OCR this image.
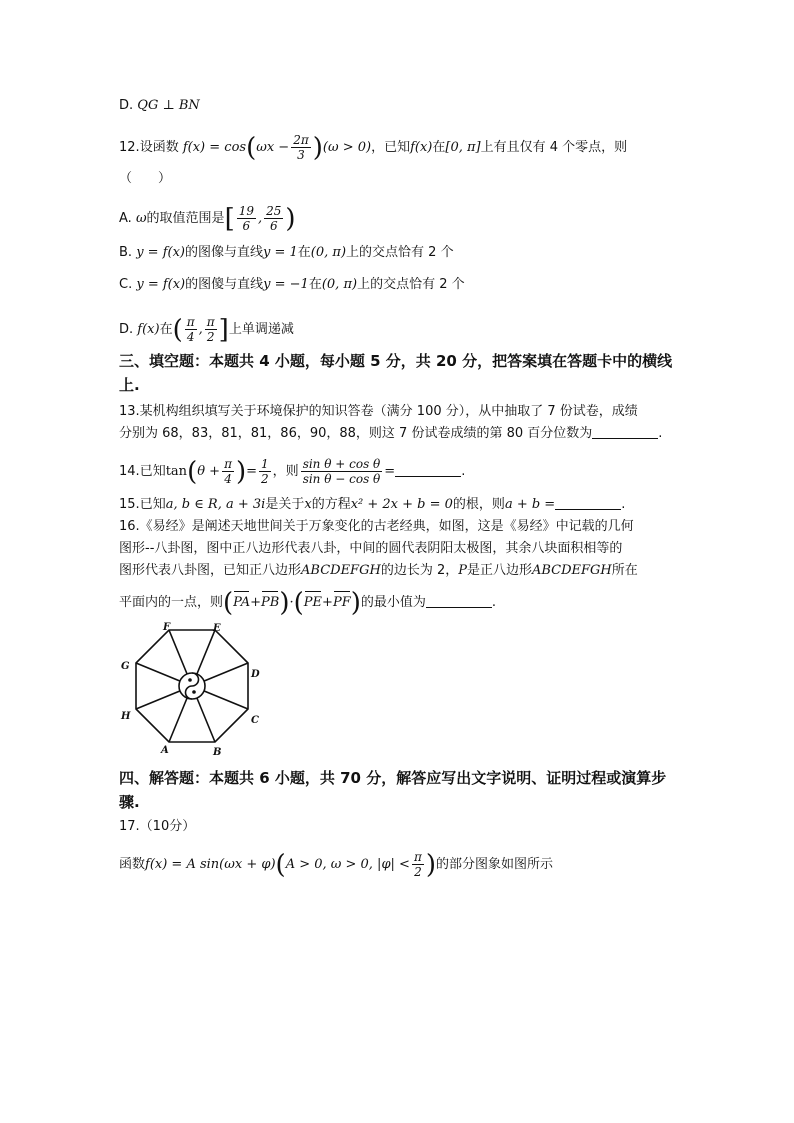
D. QG ⊥ BN
12.设函数 $f(x) = \cos(\omega x - \frac{2\pi}{3} )(\omega > 0)$，已知f(x)在[0, π]上有且仅有 4 个零点，则
（　　）
A. ω的取值范围是[ $\frac{19}{6}$ , $\frac{25}{6}$ )
B. y = f(x)的图像与直线y = 1在(0, π)上的交点恰有 2 个
C. y = f(x)的图傻与直线y = −1在(0, π)上的交点恰有 2 个
D. f(x)在( $\frac{\pi}{4}$ , $\frac{\pi}{2}$ ]上单调递减
三、填空题：本题共 4 小题，每小题 5 分，共 20 分，把答案填在答题卡中的横线上.
13.某机构组织填写关于环境保护的知识答卷（满分 100 分），从中抽取了 7 份试卷，成绩
分别为 68，83，81，81，86，90，88，则这 7 份试卷成绩的第 80 百分位数为	.
14.已知$\tan(\theta + \frac{\pi}{4}$ )= $\frac{1}{2}$ ，则 $\frac{\text{sin θ + cos θ}}{\text{sin θ − cos θ}}$ =	.
15.已知a, b ∈ R, a + 3i是关于x的方程x² + 2x + b = 0的根，则a + b =	.
16.《易经》是阐述天地世间关于万象变化的古老经典，如图，这是《易经》中记载的几何
图形--八卦图，图中正八边形代表八卦，中间的圆代表阴阳太极图，其余八块面积相等的
图形代表八卦图，已知正八边形ABCDEFGH的边长为 2，P是正八边形ABCDEFGH所在
平面内的一点，则(PA+PB)·(PE+PF)的最小值为	.
A	B
C
D
E
F
G
H
四、解答题：本题共 6 小题，共 70 分，解答应写出文字说明、证明过程或演算步骤.
17.（10分）
函数f(x) = A sin(ωx + φ)(A > 0, ω > 0, $|\varphi| < \frac{\pi}{2}$ )的部分图象如图所示
